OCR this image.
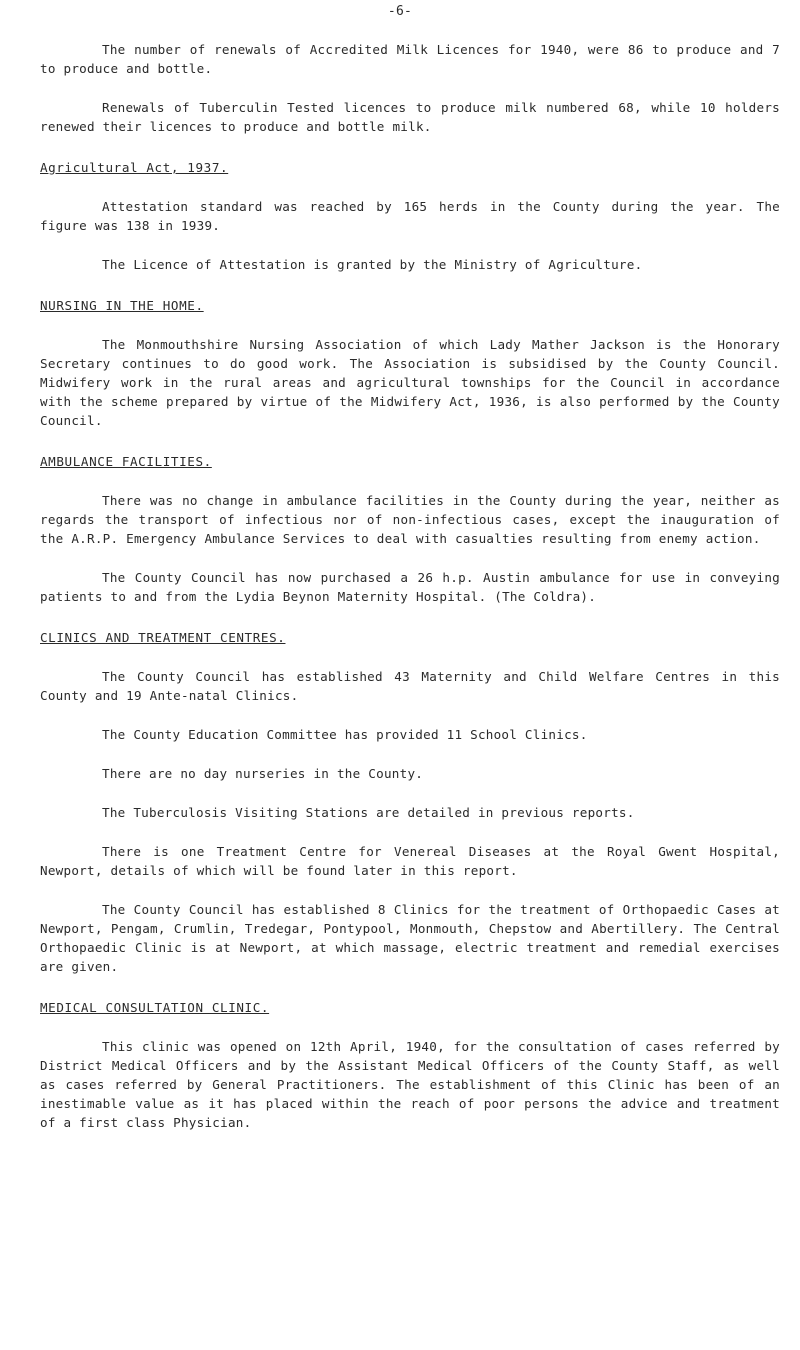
-6-

The number of renewals of Accredited Milk Licences for 1940, were 86 to produce and 7 to produce and bottle.

Renewals of Tuberculin Tested licences to produce milk numbered 68, while 10 holders renewed their licences to produce and bottle milk.

Agricultural Act, 1937.

Attestation standard was reached by 165 herds in the County during the year. The figure was 138 in 1939.

The Licence of Attestation is granted by the Ministry of Agriculture.

NURSING IN THE HOME.

The Monmouthshire Nursing Association of which Lady Mather Jackson is the Honorary Secretary continues to do good work. The Association is subsidised by the County Council. Midwifery work in the rural areas and agricultural townships for the Council in accordance with the scheme prepared by virtue of the Midwifery Act, 1936, is also performed by the County Council.

AMBULANCE FACILITIES.

There was no change in ambulance facilities in the County during the year, neither as regards the transport of infectious nor of non-infectious cases, except the inauguration of the A.R.P. Emergency Ambulance Services to deal with casualties resulting from enemy action.

The County Council has now purchased a 26 h.p. Austin ambulance for use in conveying patients to and from the Lydia Beynon Maternity Hospital. (The Coldra).

CLINICS AND TREATMENT CENTRES.

The County Council has established 43 Maternity and Child Welfare Centres in this County and 19 Ante-natal Clinics.

The County Education Committee has provided 11 School Clinics.

There are no day nurseries in the County.

The Tuberculosis Visiting Stations are detailed in previous reports.

There is one Treatment Centre for Venereal Diseases at the Royal Gwent Hospital, Newport, details of which will be found later in this report.

The County Council has established 8 Clinics for the treatment of Orthopaedic Cases at Newport, Pengam, Crumlin, Tredegar, Pontypool, Monmouth, Chepstow and Abertillery. The Central Orthopaedic Clinic is at Newport, at which massage, electric treatment and remedial exercises are given.

MEDICAL CONSULTATION CLINIC.

This clinic was opened on 12th April, 1940, for the consultation of cases referred by District Medical Officers and by the Assistant Medical Officers of the County Staff, as well as cases referred by General Practitioners. The establishment of this Clinic has been of an inestimable value as it has placed within the reach of poor persons the advice and treatment of a first class Physician.
